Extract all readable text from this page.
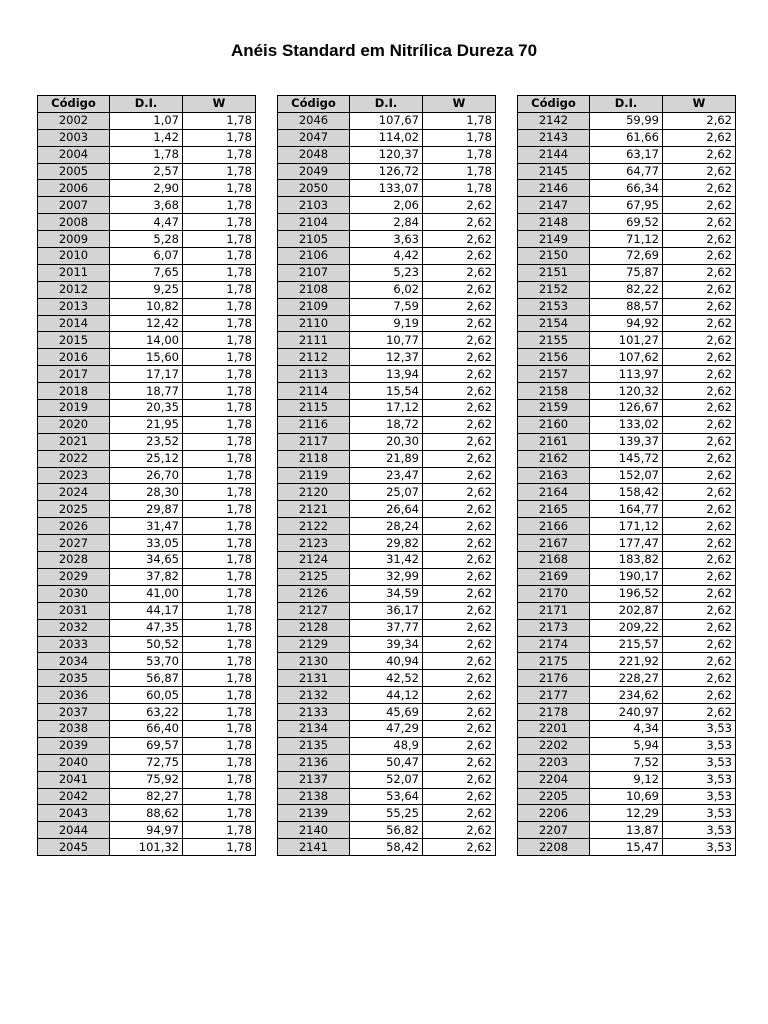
Anéis Standard em Nitrílica Dureza 70
Código	D.I.	W
2002	1,07	1,78
2003	1,42	1,78
2004	1,78	1,78
2005	2,57	1,78
2006	2,90	1,78
2007	3,68	1,78
2008	4,47	1,78
2009	5,28	1,78
2010	6,07	1,78
2011	7,65	1,78
2012	9,25	1,78
2013	10,82	1,78
2014	12,42	1,78
2015	14,00	1,78
2016	15,60	1,78
2017	17,17	1,78
2018	18,77	1,78
2019	20,35	1,78
2020	21,95	1,78
2021	23,52	1,78
2022	25,12	1,78
2023	26,70	1,78
2024	28,30	1,78
2025	29,87	1,78
2026	31,47	1,78
2027	33,05	1,78
2028	34,65	1,78
2029	37,82	1,78
2030	41,00	1,78
2031	44,17	1,78
2032	47,35	1,78
2033	50,52	1,78
2034	53,70	1,78
2035	56,87	1,78
2036	60,05	1,78
2037	63,22	1,78
2038	66,40	1,78
2039	69,57	1,78
2040	72,75	1,78
2041	75,92	1,78
2042	82,27	1,78
2043	88,62	1,78
2044	94,97	1,78
2045	101,32	1,78
Código	D.I.	W
2046	107,67	1,78
2047	114,02	1,78
2048	120,37	1,78
2049	126,72	1,78
2050	133,07	1,78
2103	2,06	2,62
2104	2,84	2,62
2105	3,63	2,62
2106	4,42	2,62
2107	5,23	2,62
2108	6,02	2,62
2109	7,59	2,62
2110	9,19	2,62
2111	10,77	2,62
2112	12,37	2,62
2113	13,94	2,62
2114	15,54	2,62
2115	17,12	2,62
2116	18,72	2,62
2117	20,30	2,62
2118	21,89	2,62
2119	23,47	2,62
2120	25,07	2,62
2121	26,64	2,62
2122	28,24	2,62
2123	29,82	2,62
2124	31,42	2,62
2125	32,99	2,62
2126	34,59	2,62
2127	36,17	2,62
2128	37,77	2,62
2129	39,34	2,62
2130	40,94	2,62
2131	42,52	2,62
2132	44,12	2,62
2133	45,69	2,62
2134	47,29	2,62
2135	48,9	2,62
2136	50,47	2,62
2137	52,07	2,62
2138	53,64	2,62
2139	55,25	2,62
2140	56,82	2,62
2141	58,42	2,62
Código	D.I.	W
2142	59,99	2,62
2143	61,66	2,62
2144	63,17	2,62
2145	64,77	2,62
2146	66,34	2,62
2147	67,95	2,62
2148	69,52	2,62
2149	71,12	2,62
2150	72,69	2,62
2151	75,87	2,62
2152	82,22	2,62
2153	88,57	2,62
2154	94,92	2,62
2155	101,27	2,62
2156	107,62	2,62
2157	113,97	2,62
2158	120,32	2,62
2159	126,67	2,62
2160	133,02	2,62
2161	139,37	2,62
2162	145,72	2,62
2163	152,07	2,62
2164	158,42	2,62
2165	164,77	2,62
2166	171,12	2,62
2167	177,47	2,62
2168	183,82	2,62
2169	190,17	2,62
2170	196,52	2,62
2171	202,87	2,62
2173	209,22	2,62
2174	215,57	2,62
2175	221,92	2,62
2176	228,27	2,62
2177	234,62	2,62
2178	240,97	2,62
2201	4,34	3,53
2202	5,94	3,53
2203	7,52	3,53
2204	9,12	3,53
2205	10,69	3,53
2206	12,29	3,53
2207	13,87	3,53
2208	15,47	3,53
